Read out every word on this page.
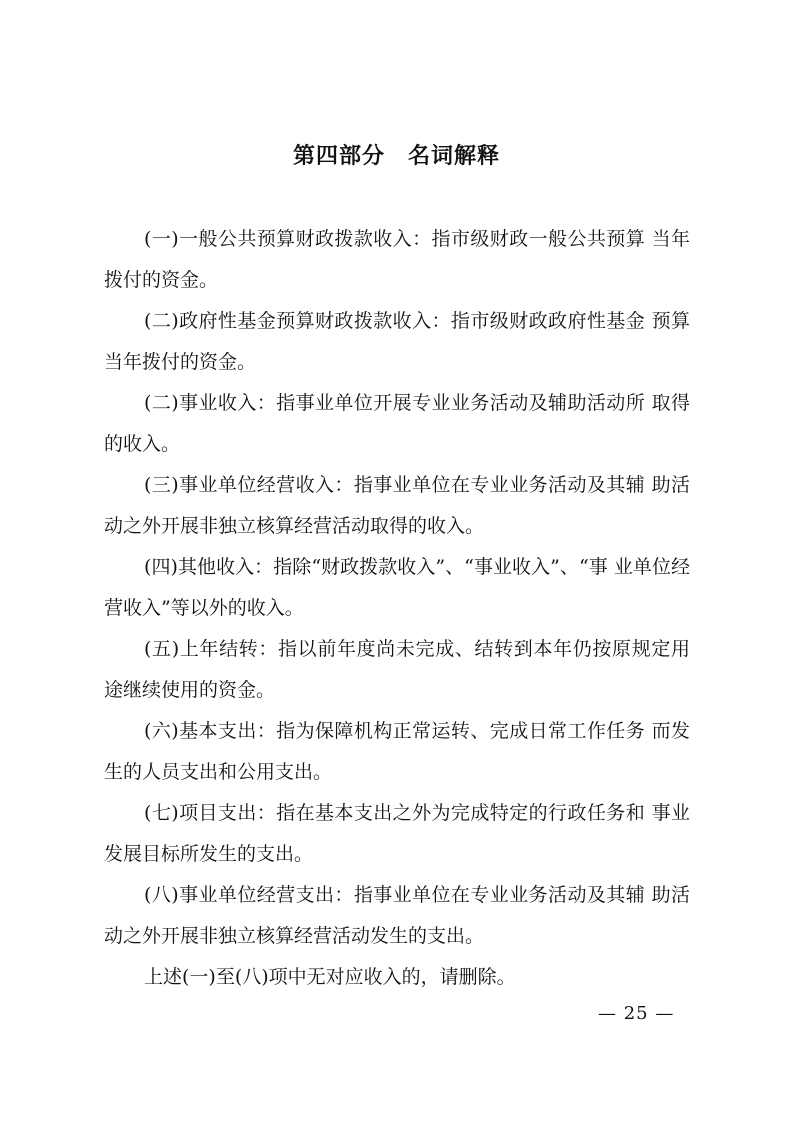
第四部分　名词解释

(一)一般公共预算财政拨款收入：指市级财政一般公共预算 当年拨付的资金。

(二)政府性基金预算财政拨款收入：指市级财政政府性基金 预算当年拨付的资金。

(二)事业收入：指事业单位开展专业业务活动及辅助活动所 取得的收入。

(三)事业单位经营收入：指事业单位在专业业务活动及其辅 助活动之外开展非独立核算经营活动取得的收入。

(四)其他收入：指除“财政拨款收入”、“事业收入”、“事 业单位经营收入”等以外的收入。

(五)上年结转：指以前年度尚未完成、结转到本年仍按原规定用途继续使用的资金。

(六)基本支出：指为保障机构正常运转、完成日常工作任务 而发生的人员支出和公用支出。

(七)项目支出：指在基本支出之外为完成特定的行政任务和 事业发展目标所发生的支出。

(八)事业单位经营支出：指事业单位在专业业务活动及其辅 助活动之外开展非独立核算经营活动发生的支出。

上述(一)至(八)项中无对应收入的，请删除。

— 25 —
